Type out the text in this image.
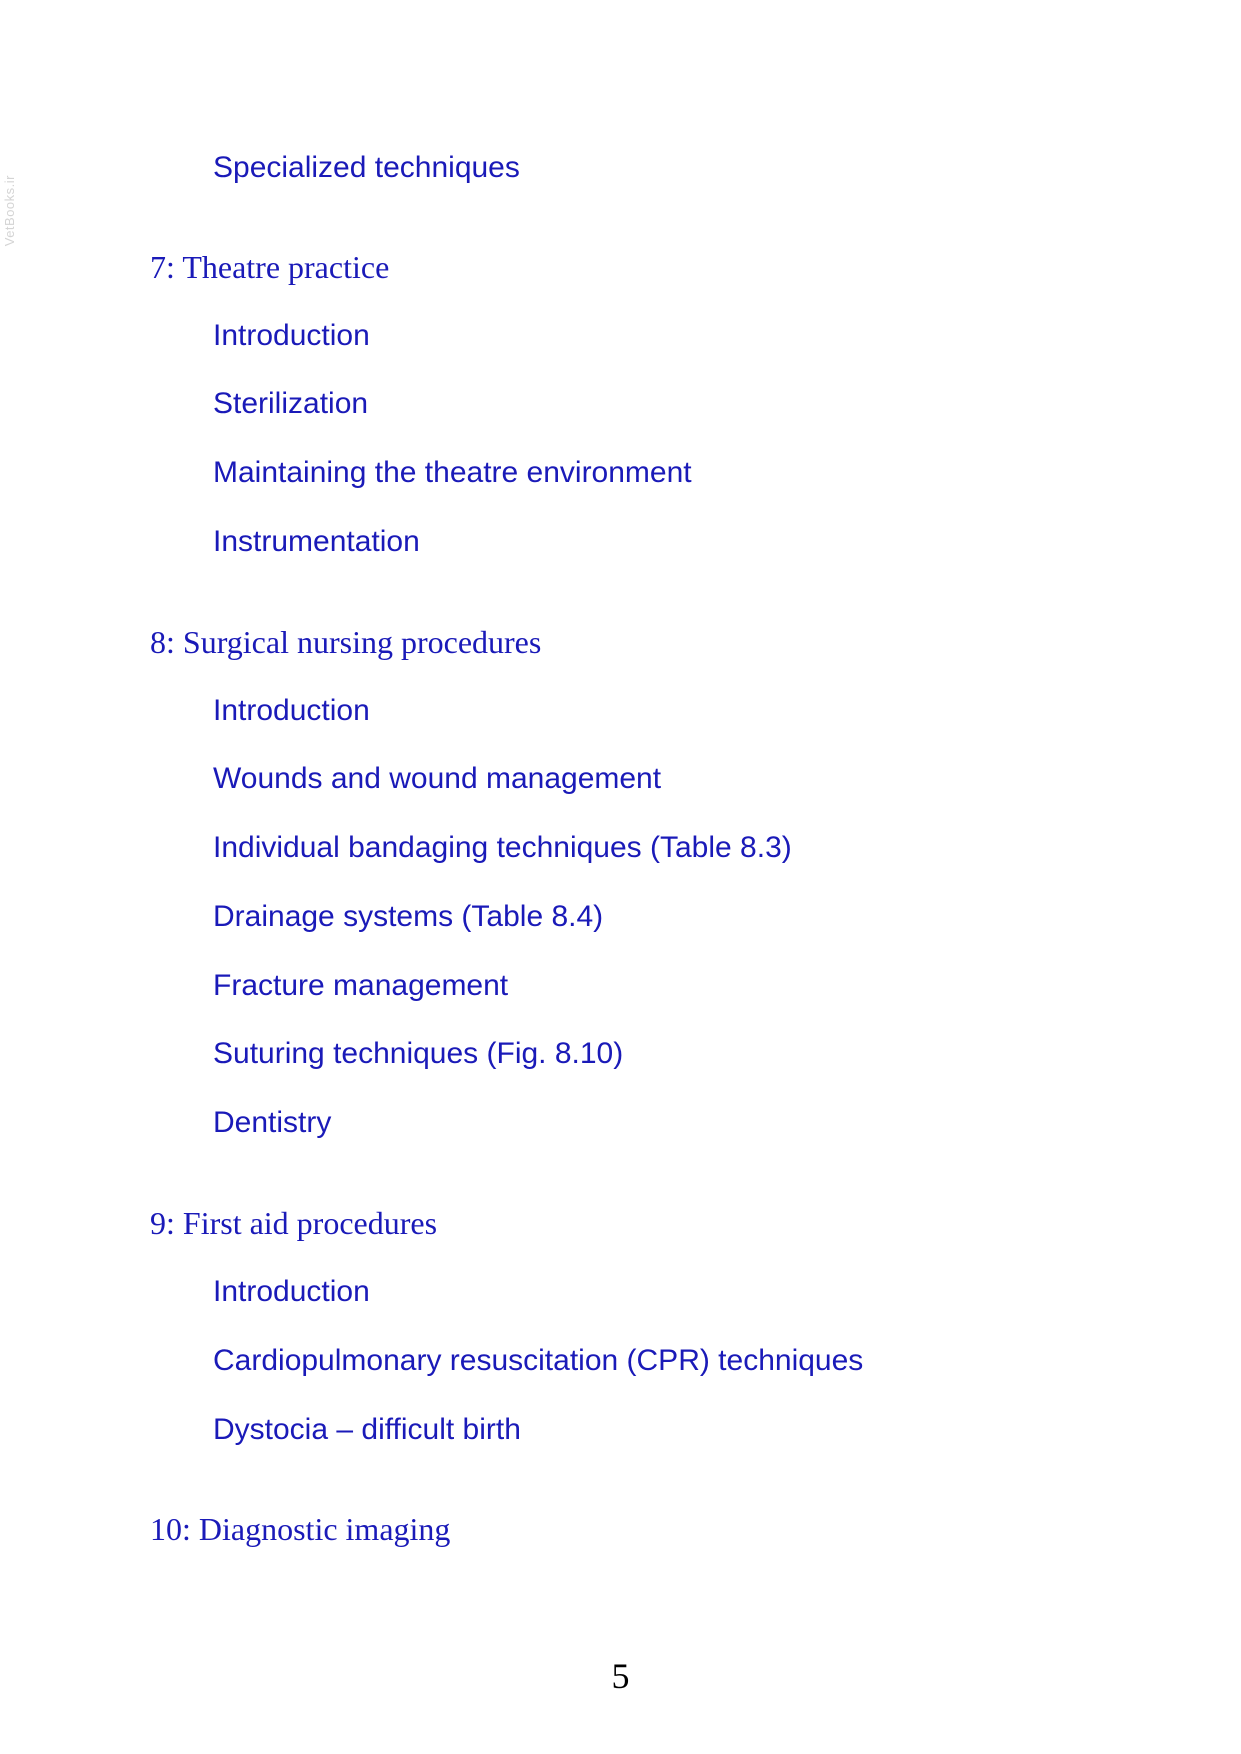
VetBooks.ir
Specialized techniques
7: Theatre practice
Introduction
Sterilization
Maintaining the theatre environment
Instrumentation
8: Surgical nursing procedures
Introduction
Wounds and wound management
Individual bandaging techniques (Table 8.3)
Drainage systems (Table 8.4)
Fracture management
Suturing techniques (Fig. 8.10)
Dentistry
9: First aid procedures
Introduction
Cardiopulmonary resuscitation (CPR) techniques
Dystocia – difficult birth
10: Diagnostic imaging
5
